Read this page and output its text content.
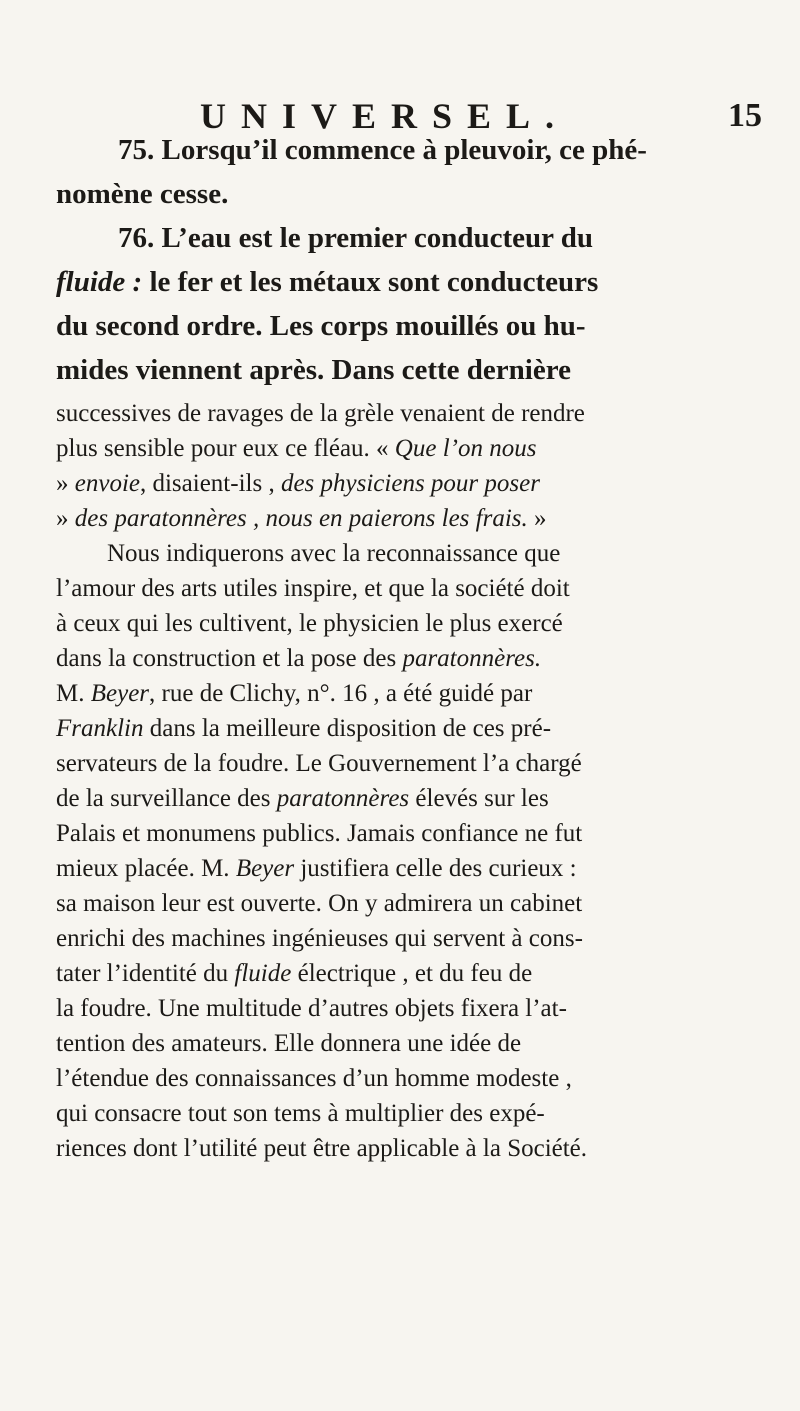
UNIVERSEL.	15

75. Lorsqu’il commence à pleuvoir, ce phé-
nomène cesse.

76. L’eau est le premier conducteur du
fluide : le fer et les métaux sont conducteurs
du second ordre. Les corps mouillés ou hu-
mides viennent après. Dans cette dernière

successives de ravages de la grèle venaient de rendre
plus sensible pour eux ce fléau. « Que l’on nous
» envoie, disaient-ils , des physiciens pour poser
» des paratonnères , nous en paierons les frais. »
Nous indiquerons avec la reconnaissance que
l’amour des arts utiles inspire, et que la société doit
à ceux qui les cultivent, le physicien le plus exercé
dans la construction et la pose des paratonnères.
M. Beyer, rue de Clichy, n°. 16 , a été guidé par
Franklin dans la meilleure disposition de ces pré-
servateurs de la foudre. Le Gouvernement l’a chargé
de la surveillance des paratonnères élevés sur les
Palais et monumens publics. Jamais confiance ne fut
mieux placée. M. Beyer justifiera celle des curieux :
sa maison leur est ouverte. On y admirera un cabinet
enrichi des machines ingénieuses qui servent à cons-
tater l’identité du fluide électrique , et du feu de
la foudre. Une multitude d’autres objets fixera l’at-
tention des amateurs. Elle donnera une idée de
l’étendue des connaissances d’un homme modeste ,
qui consacre tout son tems à multiplier des expé-
riences dont l’utilité peut être applicable à la Société.
